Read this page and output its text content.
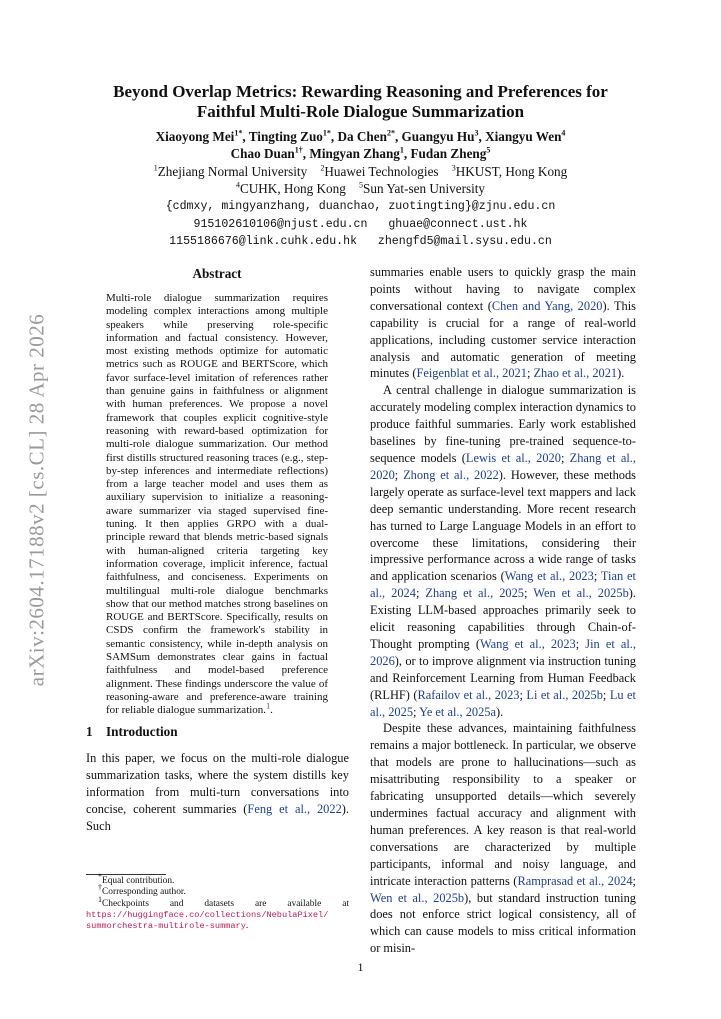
arXiv:2604.17188v2 [cs.CL] 28 Apr 2026
Beyond Overlap Metrics: Rewarding Reasoning and Preferences for
Faithful Multi-Role Dialogue Summarization
Xiaoyong Mei$^{1*}$, Tingting Zuo$^{1*}$, Da Chen$^{2*}$, Guangyu Hu$^3$, Xiangyu Wen$^4$
Chao Duan$^{1\dagger}$, Mingyan Zhang$^1$, Fudan Zheng$^5$
$^1$Zhejiang Normal University $^2$Huawei Technologies $^3$HKUST, Hong Kong
$^4$CUHK, Hong Kong $^5$Sun Yat-sen University
{cdmxy, mingyanzhang, duanchao, zuotingting}@zjnu.edu.cn
915102610106@njust.edu.cn   ghuae@connect.ust.hk
1155186676@link.cuhk.edu.hk   zhengfd5@mail.sysu.edu.cn
Abstract
Multi-role dialogue summarization requires modeling complex interactions among multiple speakers while preserving role-specific information and factual consistency. However, most existing methods optimize for automatic metrics such as ROUGE and BERTScore, which favor surface-level imitation of references rather than genuine gains in faithfulness or alignment with human preferences. We propose a novel framework that couples explicit cognitive-style reasoning with reward-based optimization for multi-role dialogue summarization. Our method first distills structured reasoning traces (e.g., step-by-step inferences and intermediate reflections) from a large teacher model and uses them as auxiliary supervision to initialize a reasoning-aware summarizer via staged supervised fine-tuning. It then applies GRPO with a dual-principle reward that blends metric-based signals with human-aligned criteria targeting key information coverage, implicit inference, factual faithfulness, and conciseness. Experiments on multilingual multi-role dialogue benchmarks show that our method matches strong baselines on ROUGE and BERTScore. Specifically, results on CSDS confirm the framework's stability in semantic consistency, while in-depth analysis on SAMSum demonstrates clear gains in factual faithfulness and model-based preference alignment. These findings underscore the value of reasoning-aware and preference-aware training for reliable dialogue summarization.$^1$.
1 Introduction
In this paper, we focus on the multi-role dialogue summarization tasks, where the system distills key information from multi-turn conversations into concise, coherent summaries (Feng et al., 2022). Such
*Equal contribution.
†Corresponding author.
$^1$Checkpoints and datasets are available at
https://huggingface.co/collections/NebulaPixel/
summorchestra-multirole-summary.

summaries enable users to quickly grasp the main points without having to navigate complex conversational context (Chen and Yang, 2020). This capability is crucial for a range of real-world applications, including customer service interaction analysis and automatic generation of meeting minutes (Feigenblat et al., 2021; Zhao et al., 2021).

A central challenge in dialogue summarization is accurately modeling complex interaction dynamics to produce faithful summaries. Early work established baselines by fine-tuning pre-trained sequence-to-sequence models (Lewis et al., 2020; Zhang et al., 2020; Zhong et al., 2022). However, these methods largely operate as surface-level text mappers and lack deep semantic understanding. More recent research has turned to Large Language Models in an effort to overcome these limitations, considering their impressive performance across a wide range of tasks and application scenarios (Wang et al., 2023; Tian et al., 2024; Zhang et al., 2025; Wen et al., 2025b). Existing LLM-based approaches primarily seek to elicit reasoning capabilities through Chain-of-Thought prompting (Wang et al., 2023; Jin et al., 2026), or to improve alignment via instruction tuning and Reinforcement Learning from Human Feedback (RLHF) (Rafailov et al., 2023; Li et al., 2025b; Lu et al., 2025; Ye et al., 2025a).

Despite these advances, maintaining faithfulness remains a major bottleneck. In particular, we observe that models are prone to hallucinations—such as misattributing responsibility to a speaker or fabricating unsupported details—which severely undermines factual accuracy and alignment with human preferences. A key reason is that real-world conversations are characterized by multiple participants, informal and noisy language, and intricate interaction patterns (Ramprasad et al., 2024; Wen et al., 2025b), but standard instruction tuning does not enforce strict logical consistency, all of which can cause models to miss critical information or misin-

1
